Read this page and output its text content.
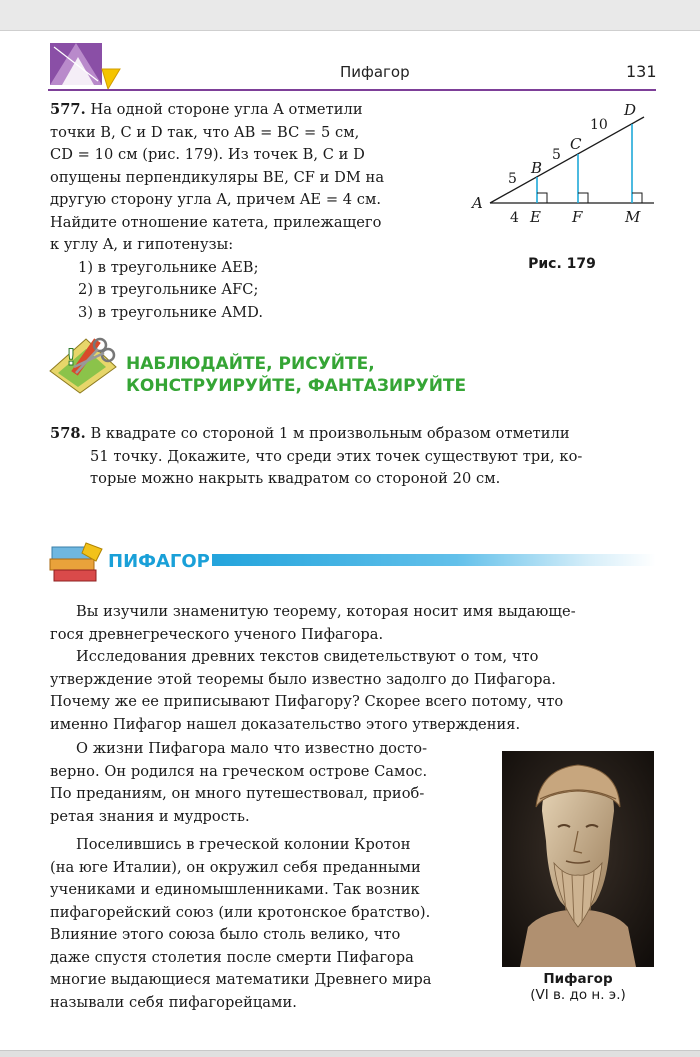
Пифагор	131
577. На одной стороне угла A отметили
точки B, C и D так, что AB = BC = 5 см,
CD = 10 см (рис. 179). Из точек B, C и D
опущены перпендикуляры BE, CF и DM на
другую сторону угла A, причем AE = 4 см.
Найдите отношение катета, прилежащего
к углу A, и гипотенузы:
1) в треугольнике AEB;
2) в треугольнике AFC;
3) в треугольнике AMD.
A
B
C
D
E F	M
5
5
10
4
Рис. 179
!	НАБЛЮДАЙТЕ, РИСУЙТЕ,
КОНСТРУИРУЙТЕ, ФАНТАЗИРУЙТЕ
578. В квадрате со стороной 1 м произвольным образом отметили
51 точку. Докажите, что среди этих точек существуют три, ко-
торые можно накрыть квадратом со стороной 20 см.
ПИФАГОР
Вы изучили знаменитую теорему, которая носит имя выдающе-
гося древнегреческого ученого Пифагора.
Исследования древних текстов свидетельствуют о том, что
утверждение этой теоремы было известно задолго до Пифагора.
Почему же ее приписывают Пифагору? Скорее всего потому, что
именно Пифагор нашел доказательство этого утверждения.
О жизни Пифагора мало что известно досто-
верно. Он родился на греческом острове Самос.
По преданиям, он много путешествовал, приоб-
ретая знания и мудрость.
Поселившись в греческой колонии Кротон
(на юге Италии), он окружил себя преданными
учениками и единомышленниками. Так возник
пифагорейский союз (или кротонское братство).
Влияние этого союза было столь велико, что
даже спустя столетия после смерти Пифагора
многие выдающиеся математики Древнего мира
называли себя пифагорейцами.
Пифагор
(VI в. до н. э.)
